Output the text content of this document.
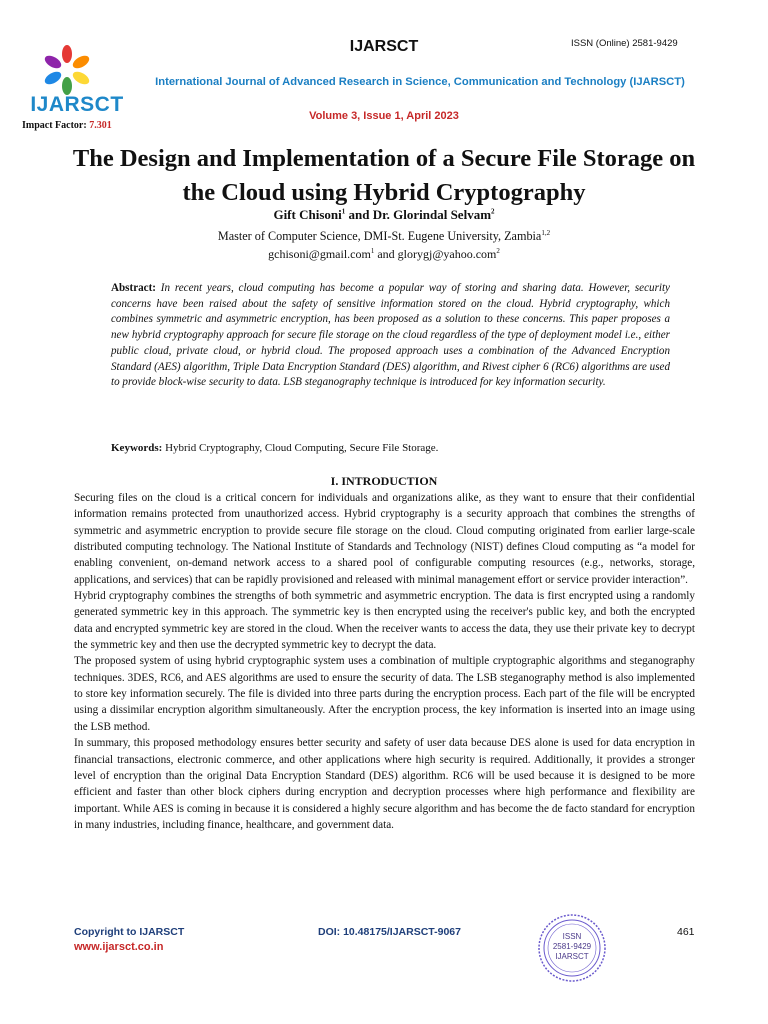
IJARSCT
Impact Factor: 7.301
IJARSCT	ISSN (Online) 2581-9429
International Journal of Advanced Research in Science, Communication and Technology (IJARSCT)
Volume 3, Issue 1, April 2023
The Design and Implementation of a Secure File Storage on the Cloud using Hybrid Cryptography
Gift Chisoni$^1$ and Dr. Glorindal Selvam$^2$
Master of Computer Science, DMI-St. Eugene University, Zambia$^{1,2}$
gchisoni@gmail.com$^1$ and glorygj@yahoo.com$^2$
Abstract: In recent years, cloud computing has become a popular way of storing and sharing data. However, security concerns have been raised about the safety of sensitive information stored on the cloud. Hybrid cryptography, which combines symmetric and asymmetric encryption, has been proposed as a solution to these concerns. This paper proposes a new hybrid cryptography approach for secure file storage on the cloud regardless of the type of deployment model i.e., either public cloud, private cloud, or hybrid cloud. The proposed approach uses a combination of the Advanced Encryption Standard (AES) algorithm, Triple Data Encryption Standard (DES) algorithm, and Rivest cipher 6 (RC6) algorithms are used to provide block-wise security to data. LSB steganography technique is introduced for key information security.
Keywords: Hybrid Cryptography, Cloud Computing, Secure File Storage.
I. INTRODUCTION

Securing files on the cloud is a critical concern for individuals and organizations alike, as they want to ensure that their confidential information remains protected from unauthorized access. Hybrid cryptography is a security approach that combines the strengths of symmetric and asymmetric encryption to provide secure file storage on the cloud. Cloud computing originated from earlier large-scale distributed computing technology. The National Institute of Standards and Technology (NIST) defines Cloud computing as “a model for enabling convenient, on-demand network access to a shared pool of configurable computing resources (e.g., networks, storage, applications, and services) that can be rapidly provisioned and released with minimal management effort or service provider interaction”.

Hybrid cryptography combines the strengths of both symmetric and asymmetric encryption. The data is first encrypted using a randomly generated symmetric key in this approach. The symmetric key is then encrypted using the receiver's public key, and both the encrypted data and encrypted symmetric key are stored in the cloud. When the receiver wants to access the data, they use their private key to decrypt the symmetric key and then use the decrypted symmetric key to decrypt the data.

The proposed system of using hybrid cryptographic system uses a combination of multiple cryptographic algorithms and steganography techniques. 3DES, RC6, and AES algorithms are used to ensure the security of data. The LSB steganography method is also implemented to store key information securely. The file is divided into three parts during the encryption process. Each part of the file will be encrypted using a dissimilar encryption algorithm simultaneously. After the encryption process, the key information is inserted into an image using the LSB method.

In summary, this proposed methodology ensures better security and safety of user data because DES alone is used for data encryption in financial transactions, electronic commerce, and other applications where high security is required. Additionally, it provides a stronger level of encryption than the original Data Encryption Standard (DES) algorithm. RC6 will be used because it is designed to be more efficient and faster than other block ciphers during encryption and decryption processes where high performance and flexibility are important. While AES is coming in because it is considered a highly secure algorithm and has become the de facto standard for encryption in many industries, including finance, healthcare, and government data.

Copyright to IJARSCT
www.ijarsct.co.in
DOI: 10.48175/IJARSCT-9067	ISSN
2581-9429
IJARSCT
461
